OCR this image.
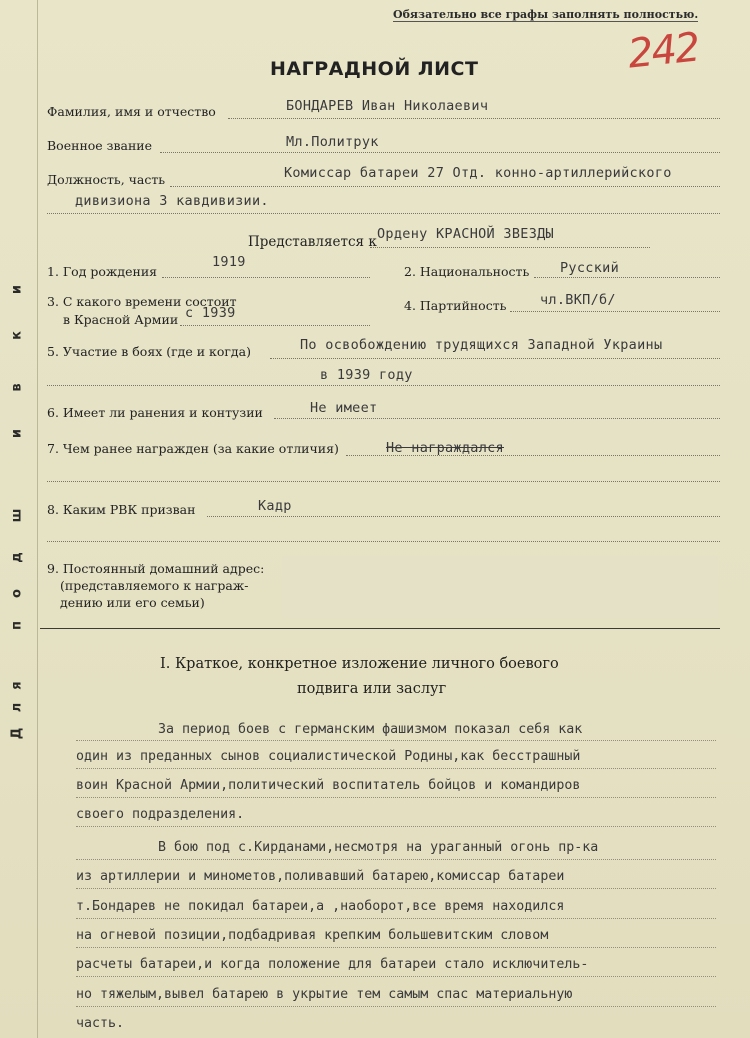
Д
л
я
п
о
д
ш
и
в
к
и
Обязательно все графы заполнять полностью.
242
НАГРАДНОЙ ЛИСТ
Фамилия, имя и отчество	БОНДАРЕВ Иван Николаевич
Военное звание	Мл.Политрук
Должность, часть	Комиссар батареи 27 Отд. конно-артиллерийского
дивизиона 3 кавдивизии.
Представляется к Ордену КРАСНОЙ ЗВЕЗДЫ
1. Год рождения
1919
2. Национальность Русский
3. С какого времени состоит
в Красной Армии с 1939	4. Партийность чл.ВКП/б/
5. Участие в боях (где и когда)	По освобождению трудящихся Западной Украины
в 1939 году
6. Имеет ли ранения и контузии	Не имеет
7. Чем ранее награжден (за какие отличия)	Не награждался
8. Каким РВК призван	Кадр
9. Постоянный домашний адрес:
(представляемого к награж-
дению или его семьи)
I. Краткое, конкретное изложение личного боевого
подвига или заслуг
За период боев с германским фашизмом показал себя как
один из преданных сынов социалистической Родины,как бесстрашный
воин Красной Армии,политический воспитатель бойцов и командиров
своего подразделения.
В бою под с.Кирданами,несмотря на ураганный огонь пр-ка
из артиллерии и минометов,поливавший батарею,комиссар батареи
т.Бондарев не покидал батареи,а ,наоборот,все время находился
на огневой позиции,подбадривая крепким большевитским словом
расчеты батареи,и когда положение для батареи стало исключитель-
но тяжелым,вывел батарею в укрытие тем самым спас материальную
часть.
